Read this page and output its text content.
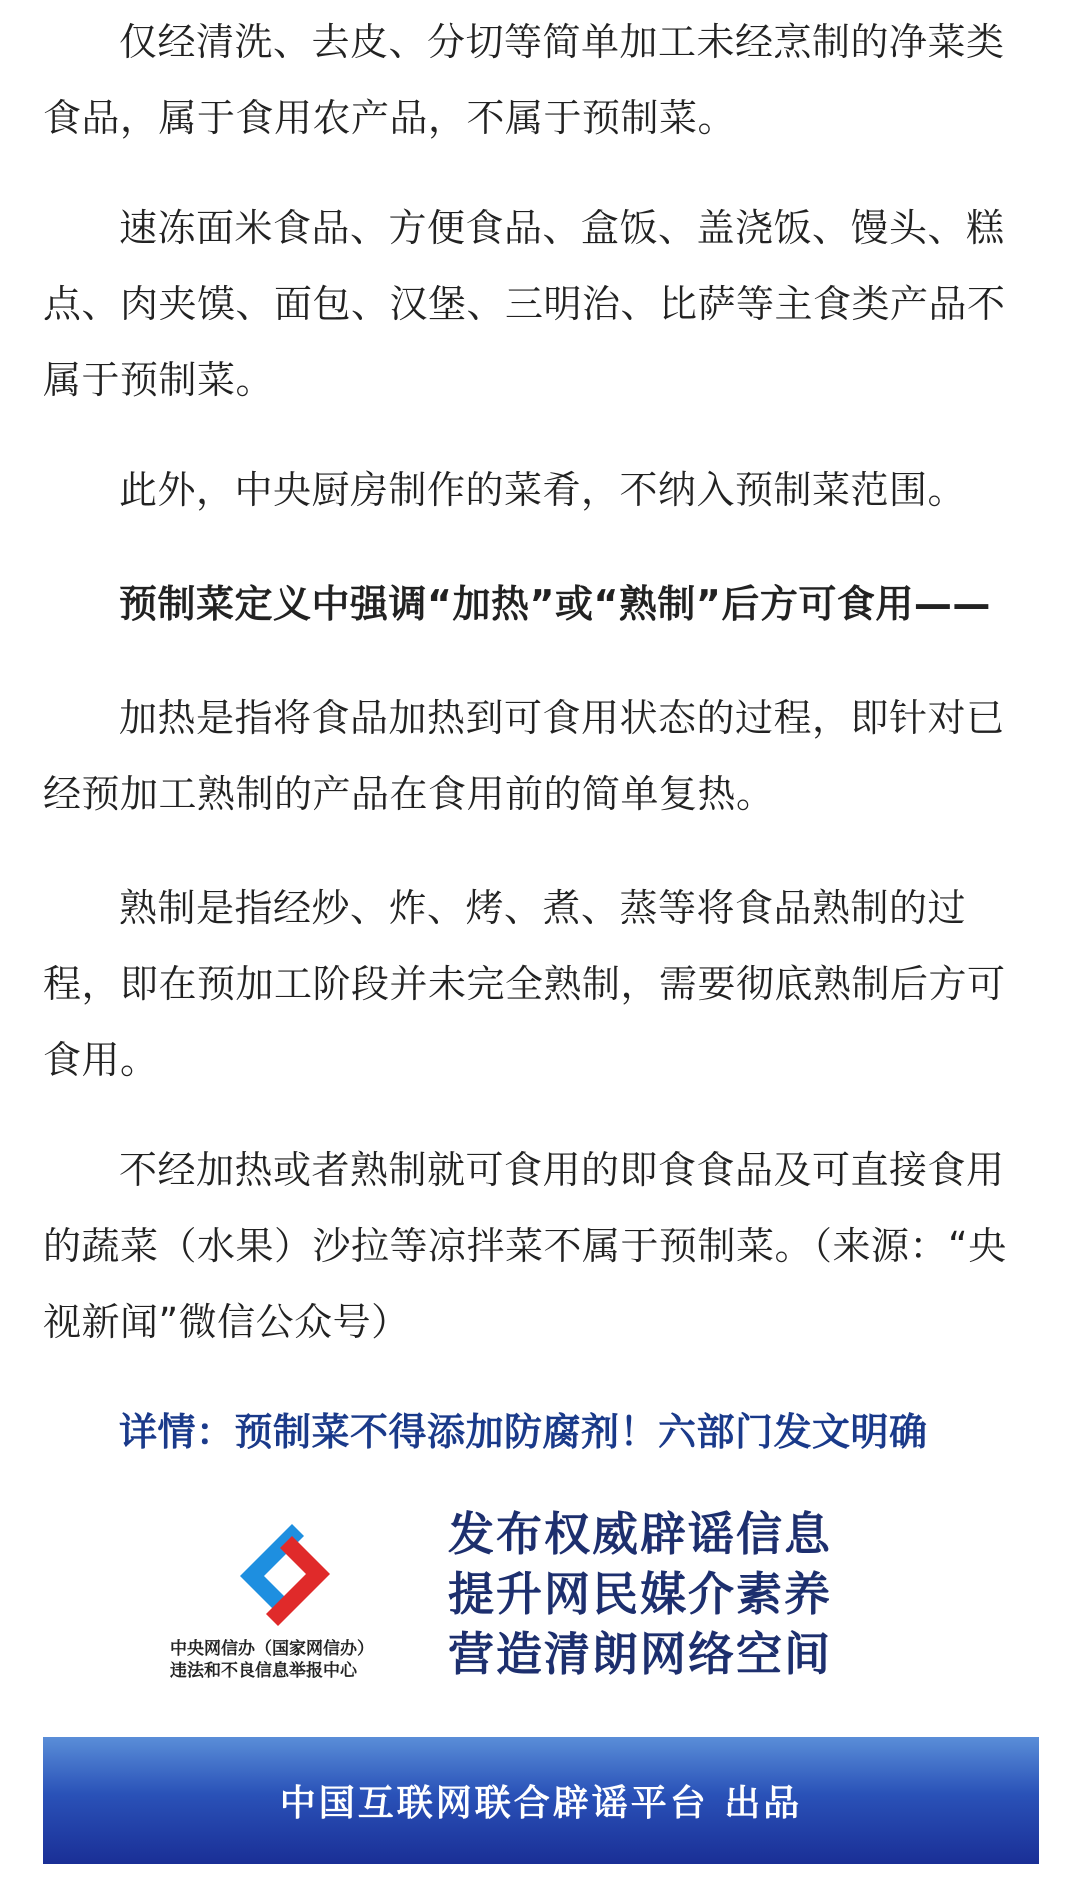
仅经清洗、去皮、分切等简单加工未经烹制的净菜类食品，属于食用农产品，不属于预制菜。

速冻面米食品、方便食品、盒饭、盖浇饭、馒头、糕点、肉夹馍、面包、汉堡、三明治、比萨等主食类产品不属于预制菜。

此外，中央厨房制作的菜肴，不纳入预制菜范围。

预制菜定义中强调“加热”或“熟制”后方可食用——

加热是指将食品加热到可食用状态的过程，即针对已经预加工熟制的产品在食用前的简单复热。

熟制是指经炒、炸、烤、煮、蒸等将食品熟制的过程，即在预加工阶段并未完全熟制，需要彻底熟制后方可食用。

不经加热或者熟制就可食用的即食食品及可直接食用的蔬菜（水果）沙拉等凉拌菜不属于预制菜。（来源：“央视新闻”微信公众号）

详情：预制菜不得添加防腐剂！六部门发文明确

中央网信办（国家网信办）
违法和不良信息举报中心

发布权威辟谣信息

提升网民媒介素养

营造清朗网络空间

中国互联网联合辟谣平台 出品
